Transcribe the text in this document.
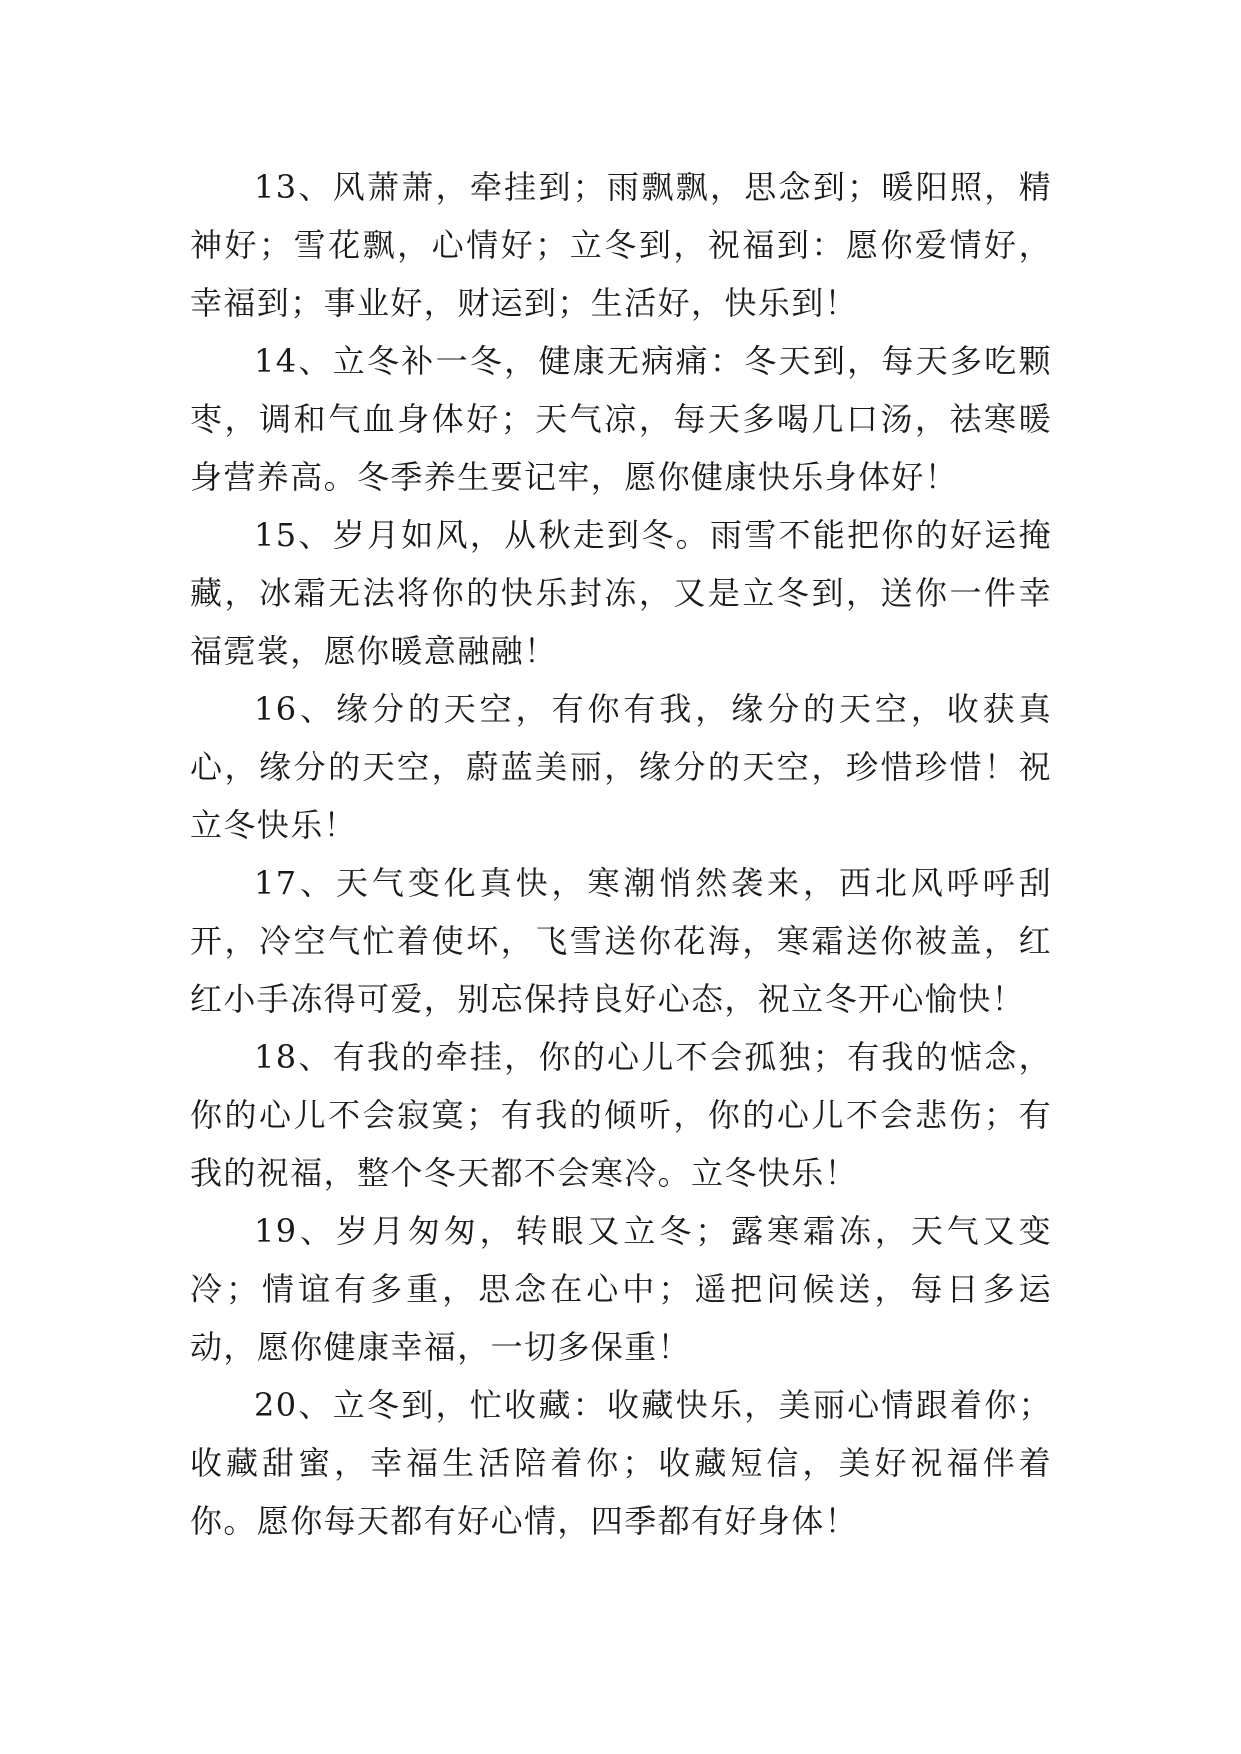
13、风萧萧，牵挂到；雨飘飘，思念到；暖阳照，精神好；雪花飘，心情好；立冬到，祝福到：愿你爱情好，幸福到；事业好，财运到；生活好，快乐到！

14、立冬补一冬，健康无病痛：冬天到，每天多吃颗枣，调和气血身体好；天气凉，每天多喝几口汤，祛寒暖身营养高。冬季养生要记牢，愿你健康快乐身体好！

15、岁月如风，从秋走到冬。雨雪不能把你的好运掩藏，冰霜无法将你的快乐封冻，又是立冬到，送你一件幸福霓裳，愿你暖意融融！

16、缘分的天空，有你有我，缘分的天空，收获真心，缘分的天空，蔚蓝美丽，缘分的天空，珍惜珍惜！祝立冬快乐！

17、天气变化真快，寒潮悄然袭来，西北风呼呼刮开，冷空气忙着使坏，飞雪送你花海，寒霜送你被盖，红红小手冻得可爱，别忘保持良好心态，祝立冬开心愉快！

18、有我的牵挂，你的心儿不会孤独；有我的惦念，你的心儿不会寂寞；有我的倾听，你的心儿不会悲伤；有我的祝福，整个冬天都不会寒冷。立冬快乐！

19、岁月匆匆，转眼又立冬；露寒霜冻，天气又变冷；情谊有多重，思念在心中；遥把问候送，每日多运动，愿你健康幸福，一切多保重！

20、立冬到，忙收藏：收藏快乐，美丽心情跟着你；收藏甜蜜，幸福生活陪着你；收藏短信，美好祝福伴着你。愿你每天都有好心情，四季都有好身体！
